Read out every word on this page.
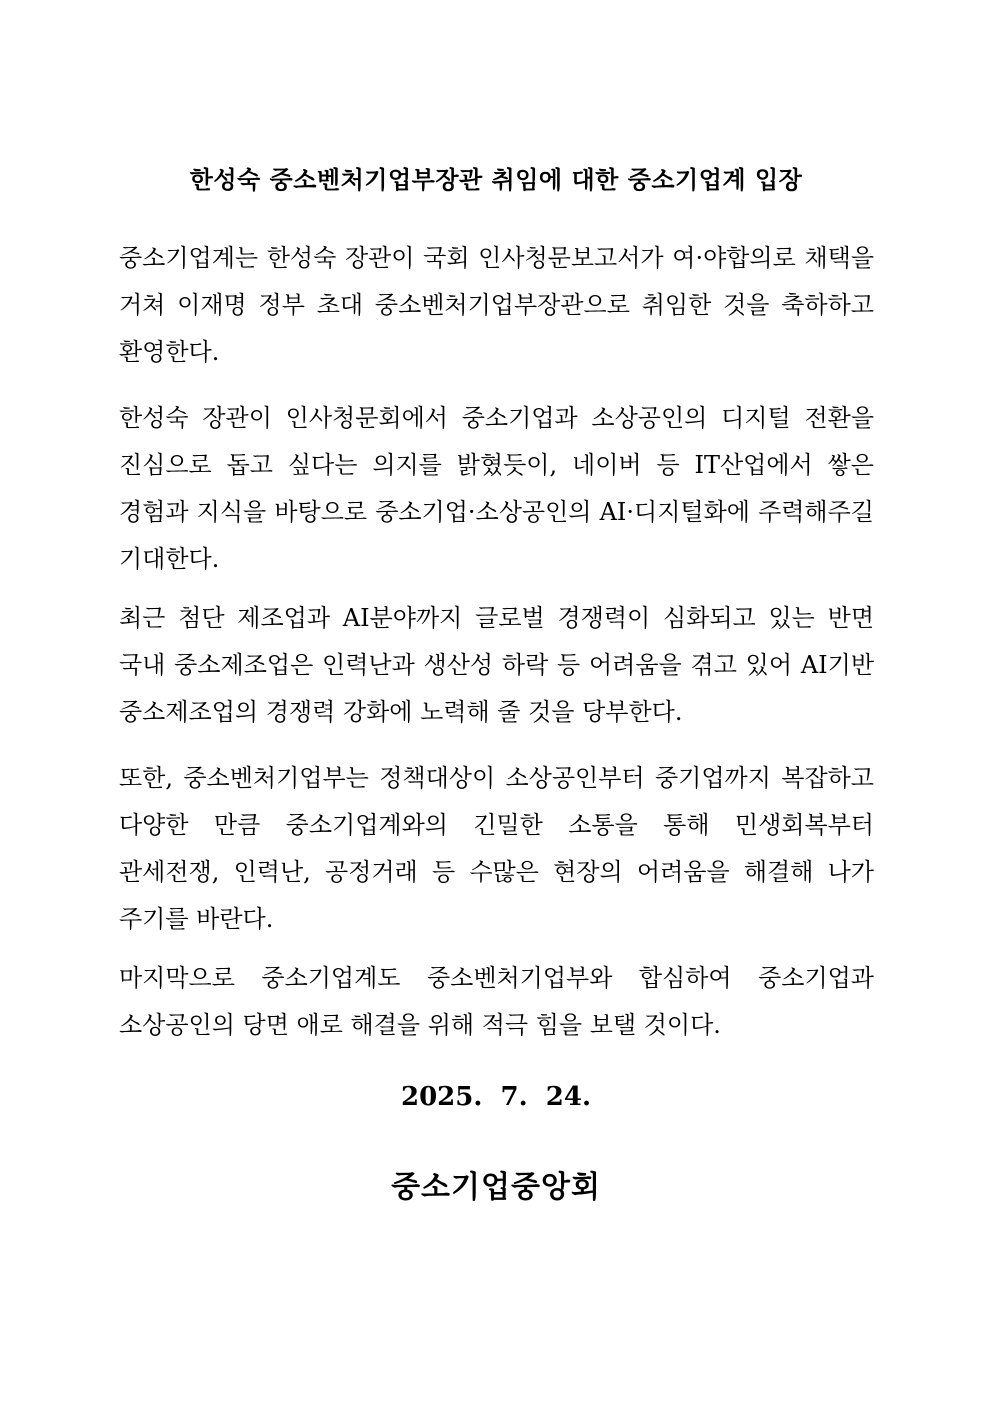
한성숙 중소벤처기업부장관 취임에 대한 중소기업계 입장
중소기업계는 한성숙 장관이 국회 인사청문보고서가 여·야합의로 채택을 거쳐 이재명 정부 초대 중소벤처기업부장관으로 취임한 것을 축하하고 환영한다.
한성숙 장관이 인사청문회에서 중소기업과 소상공인의 디지털 전환을 진심으로 돕고 싶다는 의지를 밝혔듯이, 네이버 등 IT산업에서 쌓은 경험과 지식을 바탕으로 중소기업·소상공인의 AI·디지털화에 주력해주길 기대한다.
최근 첨단 제조업과 AI분야까지 글로벌 경쟁력이 심화되고 있는 반면 국내 중소제조업은 인력난과 생산성 하락 등 어려움을 겪고 있어 AI기반 중소제조업의 경쟁력 강화에 노력해 줄 것을 당부한다.
또한, 중소벤처기업부는 정책대상이 소상공인부터 중기업까지 복잡하고 다양한 만큼 중소기업계와의 긴밀한 소통을 통해 민생회복부터 관세전쟁, 인력난, 공정거래 등 수많은 현장의 어려움을 해결해 나가 주기를 바란다.
마지막으로 중소기업계도 중소벤처기업부와 합심하여 중소기업과 소상공인의 당면 애로 해결을 위해 적극 힘을 보탤 것이다.
2025.  7.  24.
중소기업중앙회
